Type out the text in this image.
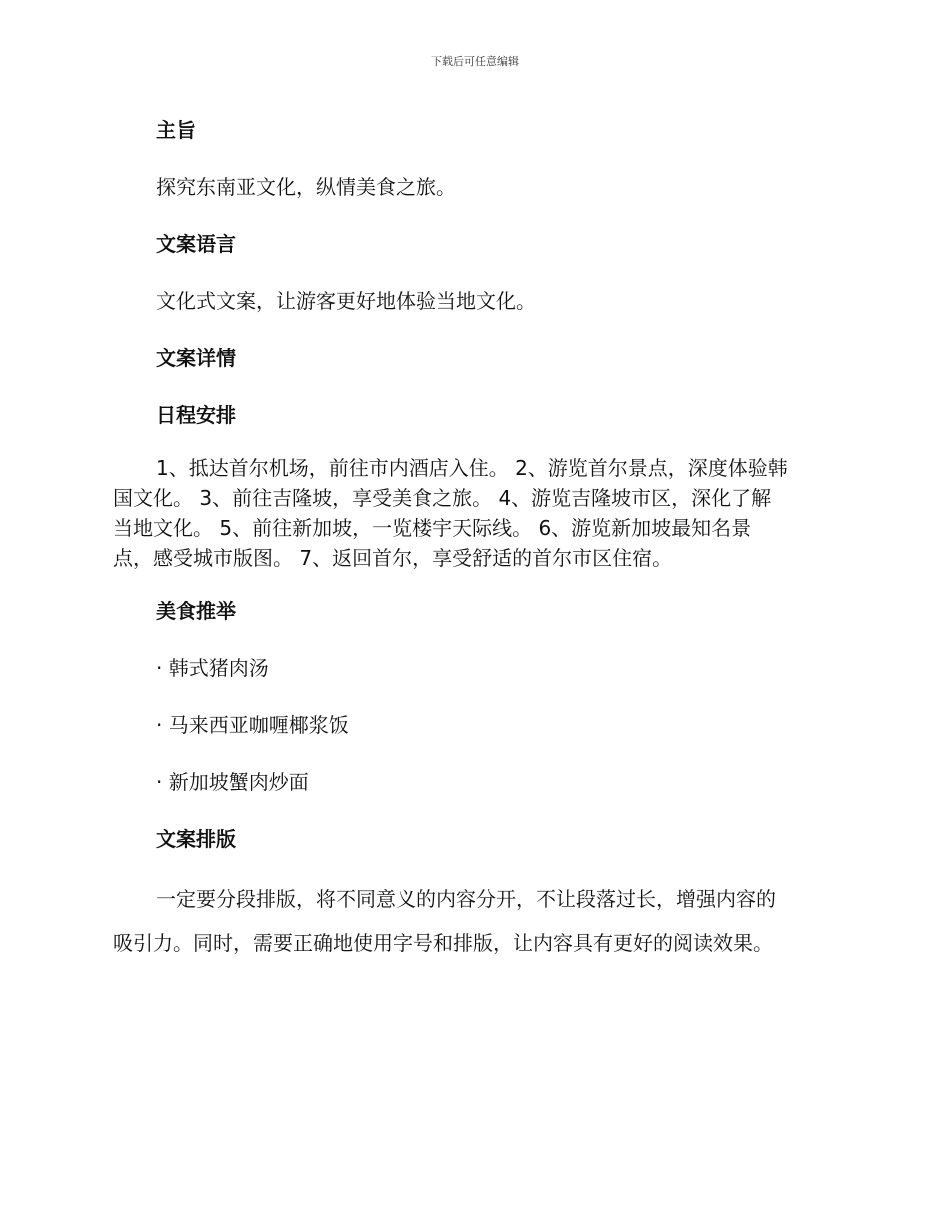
下载后可任意编辑
主旨

探究东南亚文化，纵情美食之旅。

文案语言

文化式文案，让游客更好地体验当地文化。

文案详情
日程安排
1、抵达首尔机场，前往市内酒店入住。 2、游览首尔景点，深度体验韩
国文化。 3、前往吉隆坡，享受美食之旅。 4、游览吉隆坡市区，深化了解
当地文化。 5、前往新加坡，一览楼宇天际线。 6、游览新加坡最知名景
点，感受城市版图。 7、返回首尔，享受舒适的首尔市区住宿。
美食推举

· 韩式猪肉汤

· 马来西亚咖喱椰浆饭

· 新加坡蟹肉炒面

文案排版
一定要分段排版，将不同意义的内容分开，不让段落过长，增强内容的
吸引力。同时，需要正确地使用字号和排版，让内容具有更好的阅读效果。
